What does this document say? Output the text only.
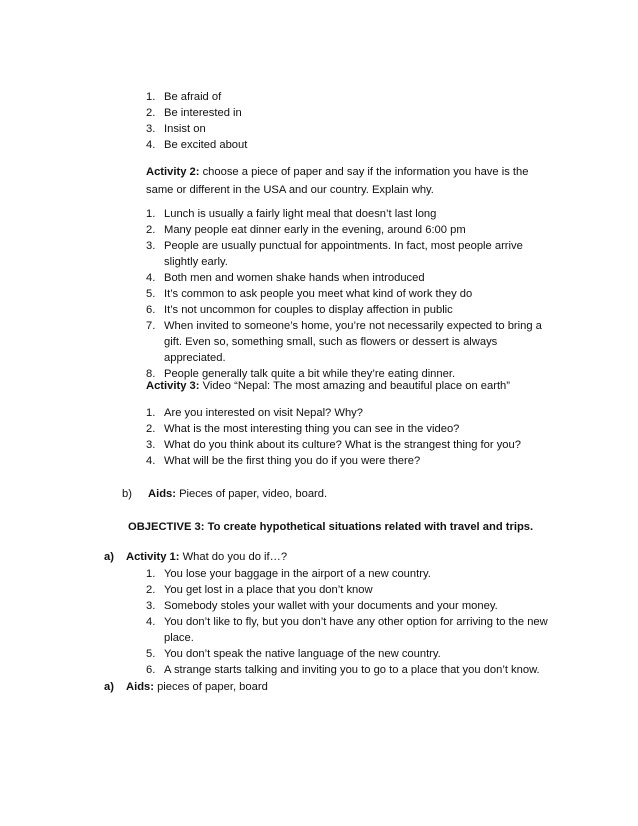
1. Be afraid of
2. Be interested in
3. Insist on
4. Be excited about

Activity 2: choose a piece of paper and say if the information you have is the same or different in the USA and our country. Explain why.

1. Lunch is usually a fairly light meal that doesn’t last long
2. Many people eat dinner early in the evening, around 6:00 pm
3. People are usually punctual for appointments. In fact, most people arrive slightly early.
4. Both men and women shake hands when introduced
5. It’s common to ask people you meet what kind of work they do
6. It’s not uncommon for couples to display affection in public
7. When invited to someone’s home, you’re not necessarily expected to bring a gift. Even so, something small, such as flowers or dessert is always appreciated.
8. People generally talk quite a bit while they’re eating dinner.

Activity 3: Video “Nepal: The most amazing and beautiful place on earth”

1. Are you interested on visit Nepal? Why?
2. What is the most interesting thing you can see in the video?
3. What do you think about its culture? What is the strangest thing for you?
4. What will be the first thing you do if you were there?

b) Aids: Pieces of paper, video, board.

OBJECTIVE 3: To create hypothetical situations related with travel and trips.

a) Activity 1: What do you do if…?

1. You lose your baggage in the airport of a new country.
2. You get lost in a place that you don’t know
3. Somebody stoles your wallet with your documents and your money.
4. You don’t like to fly, but you don’t have any other option for arriving to the new place.
5. You don’t speak the native language of the new country.
6. A strange starts talking and inviting you to go to a place that you don’t know.

a) Aids: pieces of paper, board
